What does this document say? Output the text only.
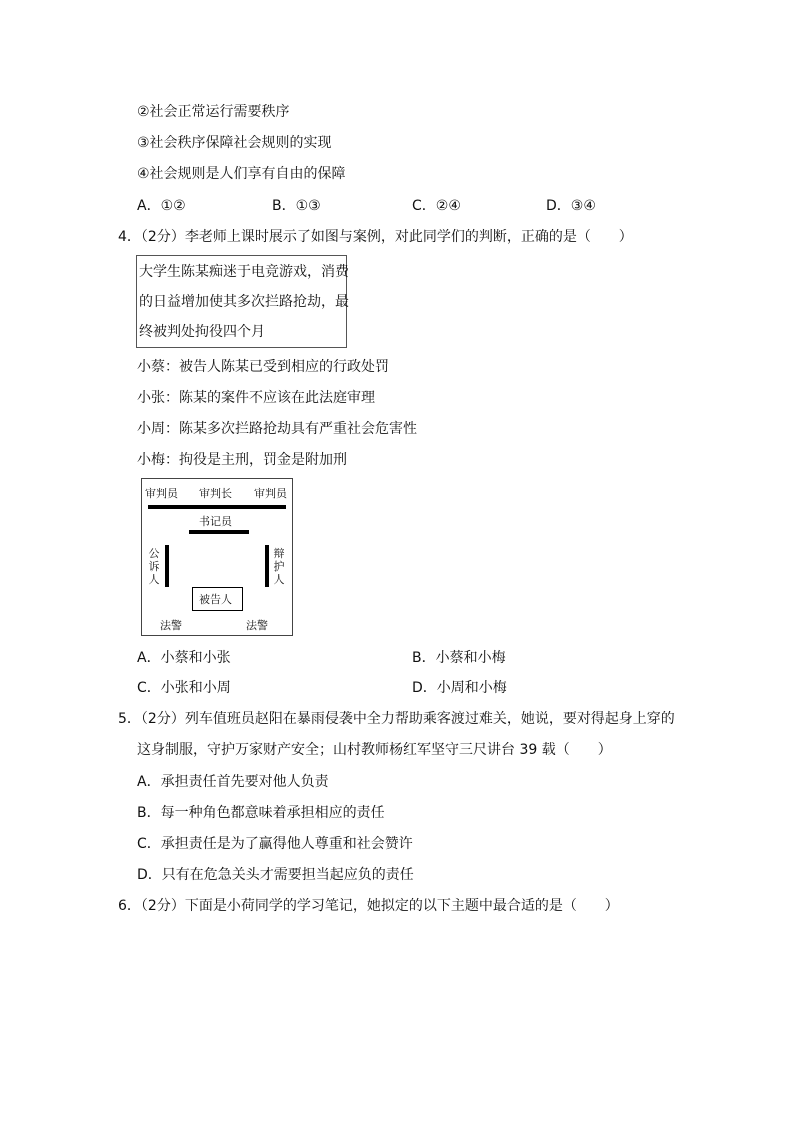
②社会正常运行需要秩序
③社会秩序保障社会规则的实现
④社会规则是人们享有自由的保障
A．①②	B．①③	C．②④	D．③④
4．（2分）李老师上课时展示了如图与案例，对此同学们的判断，正确的是（　　）
大学生陈某痴迷于电竞游戏，消费
的日益增加使其多次拦路抢劫，最
终被判处拘役四个月
小蔡：被告人陈某已受到相应的行政处罚
小张：陈某的案件不应该在此法庭审理
小周：陈某多次拦路抢劫具有严重社会危害性
小梅：拘役是主刑，罚金是附加刑
审判员 审判长 审判员
书记员
公诉人
辩护人
被告人
法警	法警
A．小蔡和小张	B．小蔡和小梅
C．小张和小周	D．小周和小梅
5．（2分）列车值班员赵阳在暴雨侵袭中全力帮助乘客渡过难关，她说，要对得起身上穿的
这身制服，守护万家财产安全；山村教师杨红军坚守三尺讲台 39 载（　　）
A．承担责任首先要对他人负责
B．每一种角色都意味着承担相应的责任
C．承担责任是为了赢得他人尊重和社会赞许
D．只有在危急关头才需要担当起应负的责任
6．（2分）下面是小荷同学的学习笔记，她拟定的以下主题中最合适的是（　　）
